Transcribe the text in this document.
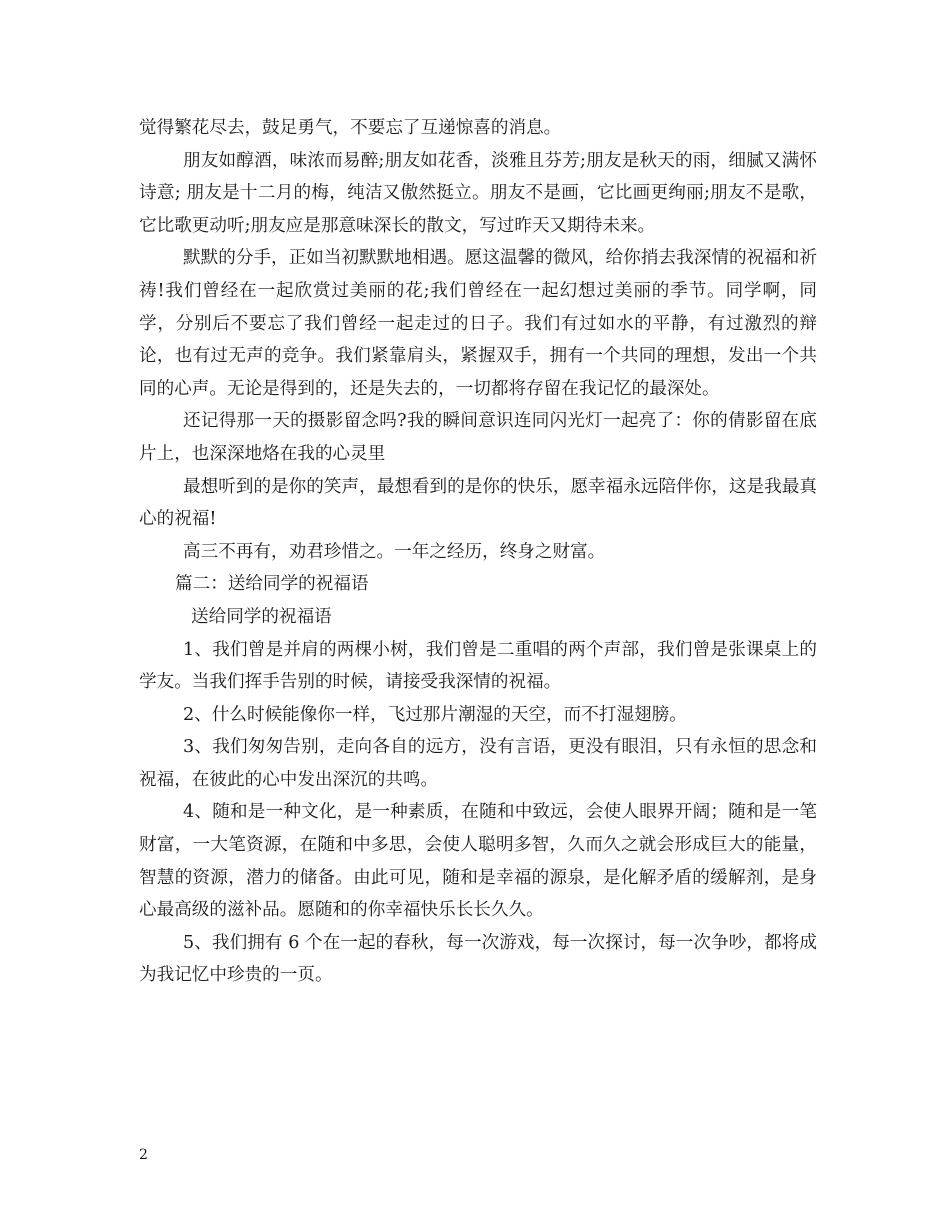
觉得繁花尽去，鼓足勇气，不要忘了互递惊喜的消息。

朋友如醇酒，味浓而易醉;朋友如花香，淡雅且芬芳;朋友是秋天的雨，细腻又满怀诗意; 朋友是十二月的梅，纯洁又傲然挺立。朋友不是画，它比画更绚丽;朋友不是歌，它比歌更动听;朋友应是那意味深长的散文，写过昨天又期待未来。

默默的分手，正如当初默默地相遇。愿这温馨的微风，给你捎去我深情的祝福和祈祷!我们曾经在一起欣赏过美丽的花;我们曾经在一起幻想过美丽的季节。同学啊，同学，分别后不要忘了我们曾经一起走过的日子。我们有过如水的平静，有过激烈的辩论，也有过无声的竞争。我们紧靠肩头，紧握双手，拥有一个共同的理想，发出一个共同的心声。无论是得到的，还是失去的，一切都将存留在我记忆的最深处。

还记得那一天的摄影留念吗?我的瞬间意识连同闪光灯一起亮了：你的倩影留在底片上，也深深地烙在我的心灵里

最想听到的是你的笑声，最想看到的是你的快乐，愿幸福永远陪伴你，这是我最真心的祝福!

高三不再有，劝君珍惜之。一年之经历，终身之财富。

篇二：送给同学的祝福语

送给同学的祝福语

1、我们曾是并肩的两棵小树，我们曾是二重唱的两个声部，我们曾是张课桌上的学友。当我们挥手告别的时候，请接受我深情的祝福。

2、什么时候能像你一样，飞过那片潮湿的天空，而不打湿翅膀。

3、我们匆匆告别，走向各自的远方，没有言语，更没有眼泪，只有永恒的思念和祝福，在彼此的心中发出深沉的共鸣。

4、随和是一种文化，是一种素质，在随和中致远，会使人眼界开阔；随和是一笔财富，一大笔资源，在随和中多思，会使人聪明多智，久而久之就会形成巨大的能量，智慧的资源，潜力的储备。由此可见，随和是幸福的源泉，是化解矛盾的缓解剂，是身心最高级的滋补品。愿随和的你幸福快乐长长久久。

5、我们拥有 6 个在一起的春秋，每一次游戏，每一次探讨，每一次争吵，都将成为我记忆中珍贵的一页。

2
